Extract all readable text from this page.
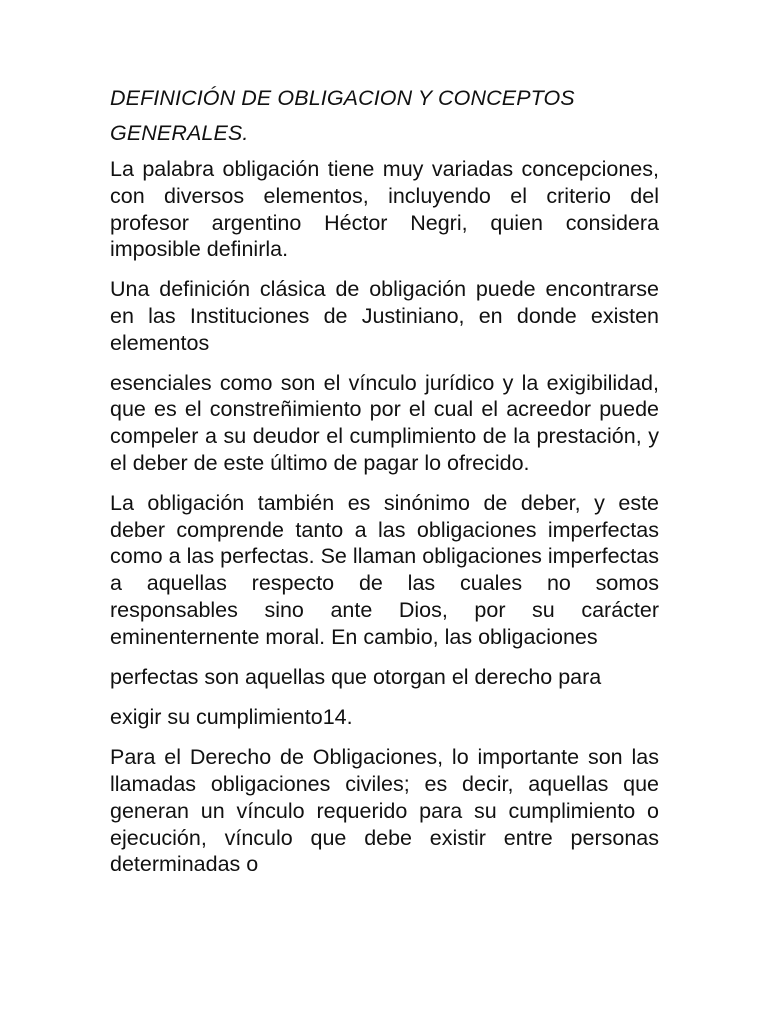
DEFINICIÓN DE OBLIGACION Y CONCEPTOS
GENERALES.

La palabra obligación tiene muy variadas concepciones, con diversos elementos, incluyendo el criterio del profesor argentino Héctor Negri, quien considera imposible definirla.

Una definición clásica de obligación puede encontrarse en las Instituciones de Justiniano, en donde existen elementos

esenciales como son el vínculo jurídico y la exigibilidad, que es el constreñimiento por el cual el acreedor puede compeler a su deudor el cumplimiento de la prestación, y el deber de este último de pagar lo ofrecido.

La obligación también es sinónimo de deber, y este deber comprende tanto a las obligaciones imperfectas como a las perfectas. Se llaman obligaciones imperfectas a aquellas respecto de las cuales no somos responsables sino ante Dios, por su carácter eminenternente moral. En cambio, las obligaciones

perfectas son aquellas que otorgan el derecho para

exigir su cumplimiento14.

Para el Derecho de Obligaciones, lo importante son las llamadas obligaciones civiles; es decir, aquellas que generan un vínculo requerido para su cumplimiento o ejecución, vínculo que debe existir entre personas determinadas o
